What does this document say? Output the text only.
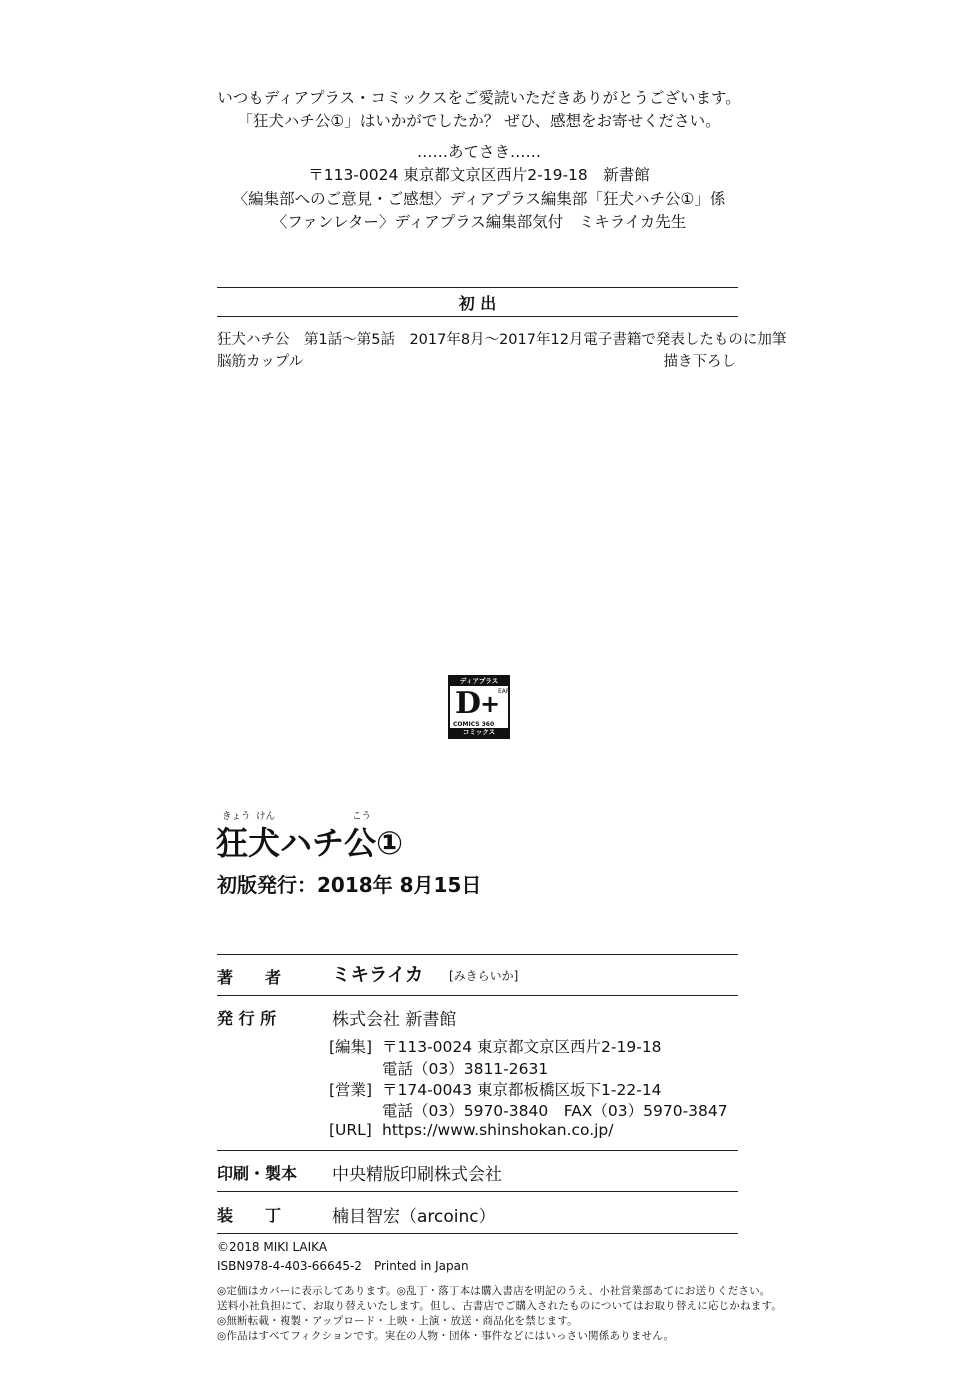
いつもディアプラス・コミックスをご愛読いただきありがとうございます。
「狂犬ハチ公①」はいかがでしたか？ ぜひ、感想をお寄せください。
……あてさき……
〒113-0024 東京都文京区西片2-19-18　新書館
〈編集部へのご意見・ご感想〉ディアプラス編集部「狂犬ハチ公①」係
〈ファンレター〉ディアプラス編集部気付　ミキライカ先生
初 出
狂犬ハチ公　第1話〜第5話　2017年8月〜2017年12月電子書籍で発表したものに加筆
脳筋カップル	描き下ろし
ディアプラス
D
+
EAR
COMICS 360
コミックス
きょう けん	こう
狂犬ハチ公①
初版発行：2018年 8月15日
著　　者	ミキライカ [みきらいか]
発 行 所	株式会社 新書館
[編集] 〒113-0024 東京都文京区西片2-19-18
電話（03）3811-2631
[営業] 〒174-0043 東京都板橋区坂下1-22-14
電話（03）5970-3840　FAX（03）5970-3847
[URL] https://www.shinshokan.co.jp/
印刷・製本 中央精版印刷株式会社
装　　丁	楠目智宏（arcoinc）
©2018 MIKI LAIKA
ISBN978-4-403-66645-2　Printed in Japan
◎定価はカバーに表示してあります。◎乱丁・落丁本は購入書店を明記のうえ、小社営業部あてにお送りください。
送料小社負担にて、お取り替えいたします。但し、古書店でご購入されたものについてはお取り替えに応じかねます。
◎無断転載・複製・アップロード・上映・上演・放送・商品化を禁じます。
◎作品はすべてフィクションです。実在の人物・団体・事件などにはいっさい関係ありません。
